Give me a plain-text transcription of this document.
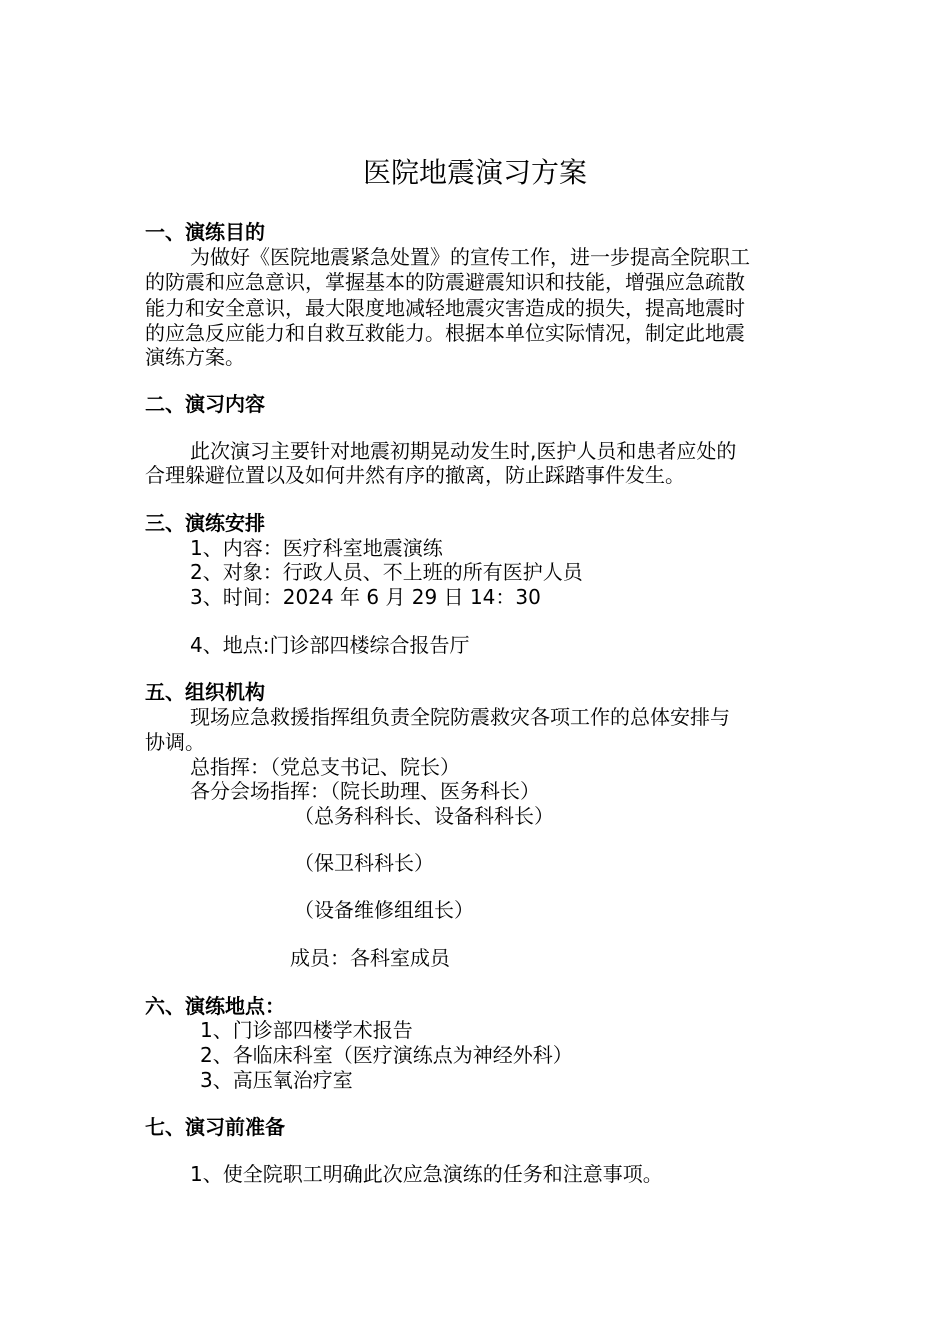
医院地震演习方案
一、演练目的
为做好《医院地震紧急处置》的宣传工作，进一步提高全院职工
的防震和应急意识，掌握基本的防震避震知识和技能，增强应急疏散
能力和安全意识，最大限度地减轻地震灾害造成的损失，提高地震时
的应急反应能力和自救互救能力。根据本单位实际情况，制定此地震
演练方案。
二、演习内容
此次演习主要针对地震初期晃动发生时,医护人员和患者应处的
合理躲避位置以及如何井然有序的撤离，防止踩踏事件发生。
三、演练安排
1、内容：医疗科室地震演练
2、对象：行政人员、不上班的所有医护人员
3、时间：2024 年 6 月 29 日 14：30
4、地点:门诊部四楼综合报告厅
五、组织机构
现场应急救援指挥组负责全院防震救灾各项工作的总体安排与
协调。
总指挥：（党总支书记、院长）
各分会场指挥：（院长助理、医务科长）
（总务科科长、设备科科长）
（保卫科科长）
（设备维修组组长）
成员：各科室成员
六、演练地点：
1、门诊部四楼学术报告
2、各临床科室（医疗演练点为神经外科）
3、高压氧治疗室
七、演习前准备
1、使全院职工明确此次应急演练的任务和注意事项。
